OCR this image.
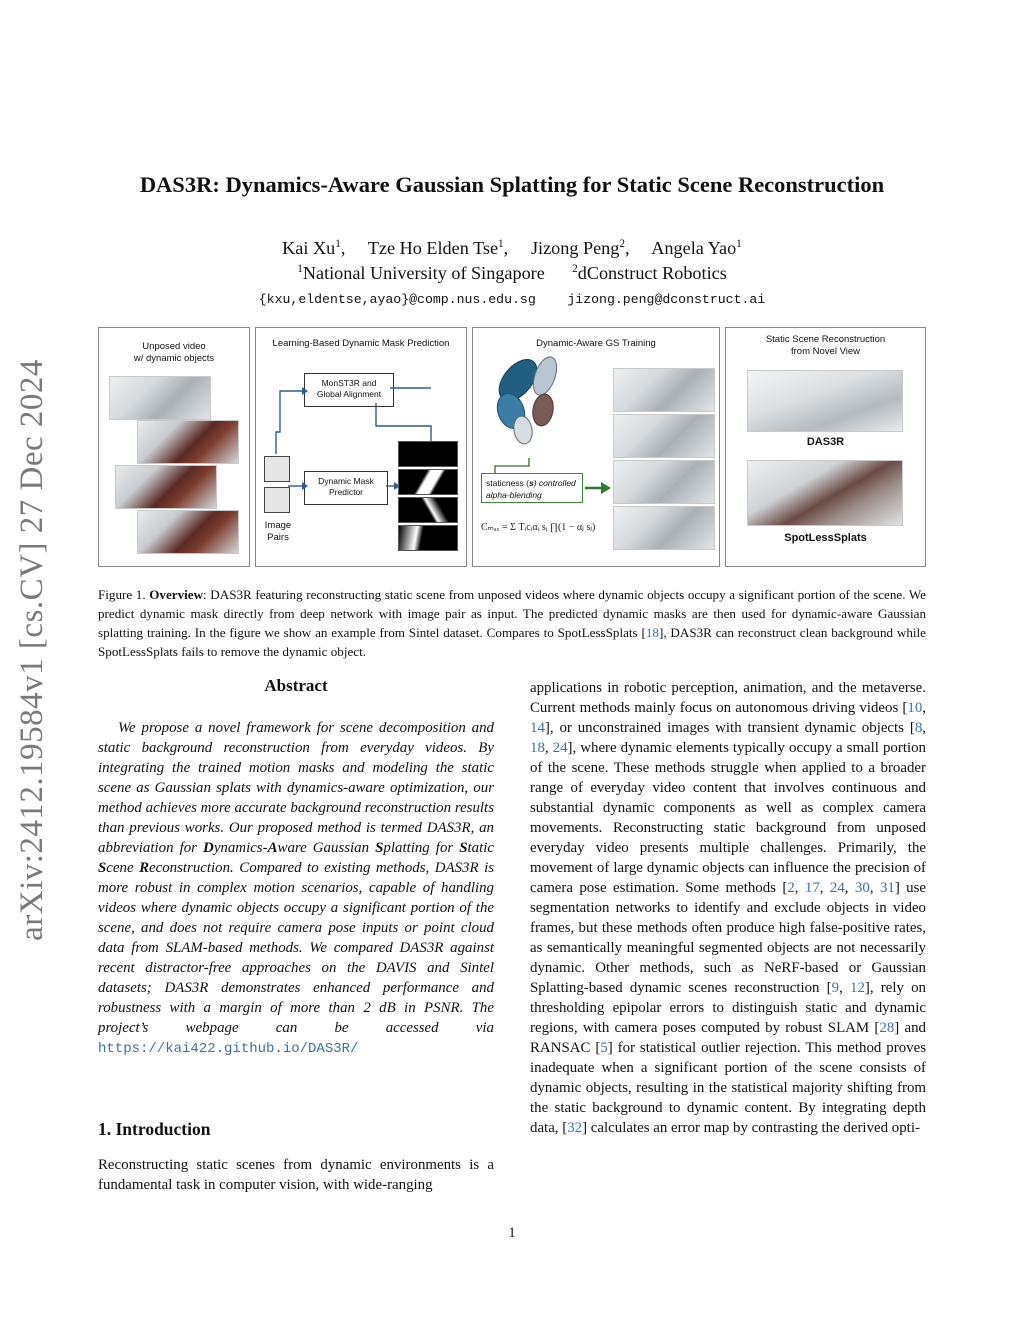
arXiv:2412.19584v1 [cs.CV] 27 Dec 2024
DAS3R: Dynamics-Aware Gaussian Splatting for Static Scene Reconstruction
Kai Xu$^1$,     Tze Ho Elden Tse$^1$,     Jizong Peng$^2$,     Angela Yao$^1$
$^1$National University of Singapore $^2$dConstruct Robotics
{kxu,eldentse,ayao}@comp.nus.edu.sg jizong.peng@dconstruct.ai
Unposed video
w/ dynamic objects
Learning-Based Dynamic Mask Prediction
MonST3R and
Global Alignment
Dynamic Mask
Predictor
Image
Pairs
Dynamic-Aware GS Training
staticness (s) controlled
alpha-blending
Cₘₐₓ = Σ Tᵢcᵢαᵢ sᵢ ∏(1 − αⱼ sⱼ)
Static Scene Reconstruction
from Novel View
DAS3R
SpotLessSplats
Figure 1. Overview: DAS3R featuring reconstructing static scene from unposed videos where dynamic objects occupy a significant portion of the scene. We predict dynamic mask directly from deep network with image pair as input. The predicted dynamic masks are then used for dynamic-aware Gaussian splatting training. In the figure we show an example from Sintel dataset. Compares to SpotLessSplats [18], DAS3R can reconstruct clean background while SpotLessSplats fails to remove the dynamic object.
Abstract
We propose a novel framework for scene decomposition and static background reconstruction from everyday videos. By integrating the trained motion masks and modeling the static scene as Gaussian splats with dynamics-aware optimization, our method achieves more accurate background reconstruction results than previous works. Our proposed method is termed DAS3R, an abbreviation for Dynamics-Aware Gaussian Splatting for Static Scene Reconstruction. Compared to existing methods, DAS3R is more robust in complex motion scenarios, capable of handling videos where dynamic objects occupy a significant portion of the scene, and does not require camera pose inputs or point cloud data from SLAM-based methods. We compared DAS3R against recent distractor-free approaches on the DAVIS and Sintel datasets; DAS3R demonstrates enhanced performance and robustness with a margin of more than 2 dB in PSNR. The project’s webpage can be accessed via https://kai422.github.io/DAS3R/
1. Introduction
Reconstructing static scenes from dynamic environments is a fundamental task in computer vision, with wide-ranging
applications in robotic perception, animation, and the metaverse. Current methods mainly focus on autonomous driving videos [10, 14], or unconstrained images with transient dynamic objects [8, 18, 24], where dynamic elements typically occupy a small portion of the scene. These methods struggle when applied to a broader range of everyday video content that involves continuous and substantial dynamic components as well as complex camera movements. Reconstructing static background from unposed everyday video presents multiple challenges. Primarily, the movement of large dynamic objects can influence the precision of camera pose estimation. Some methods [2, 17, 24, 30, 31] use segmentation networks to identify and exclude objects in video frames, but these methods often produce high false-positive rates, as semantically meaningful segmented objects are not necessarily dynamic. Other methods, such as NeRF-based or Gaussian Splatting-based dynamic scenes reconstruction [9, 12], rely on thresholding epipolar errors to distinguish static and dynamic regions, with camera poses computed by robust SLAM [28] and RANSAC [5] for statistical outlier rejection. This method proves inadequate when a significant portion of the scene consists of dynamic objects, resulting in the statistical majority shifting from the static background to dynamic content. By integrating depth data, [32] calculates an error map by contrasting the derived opti-
1
